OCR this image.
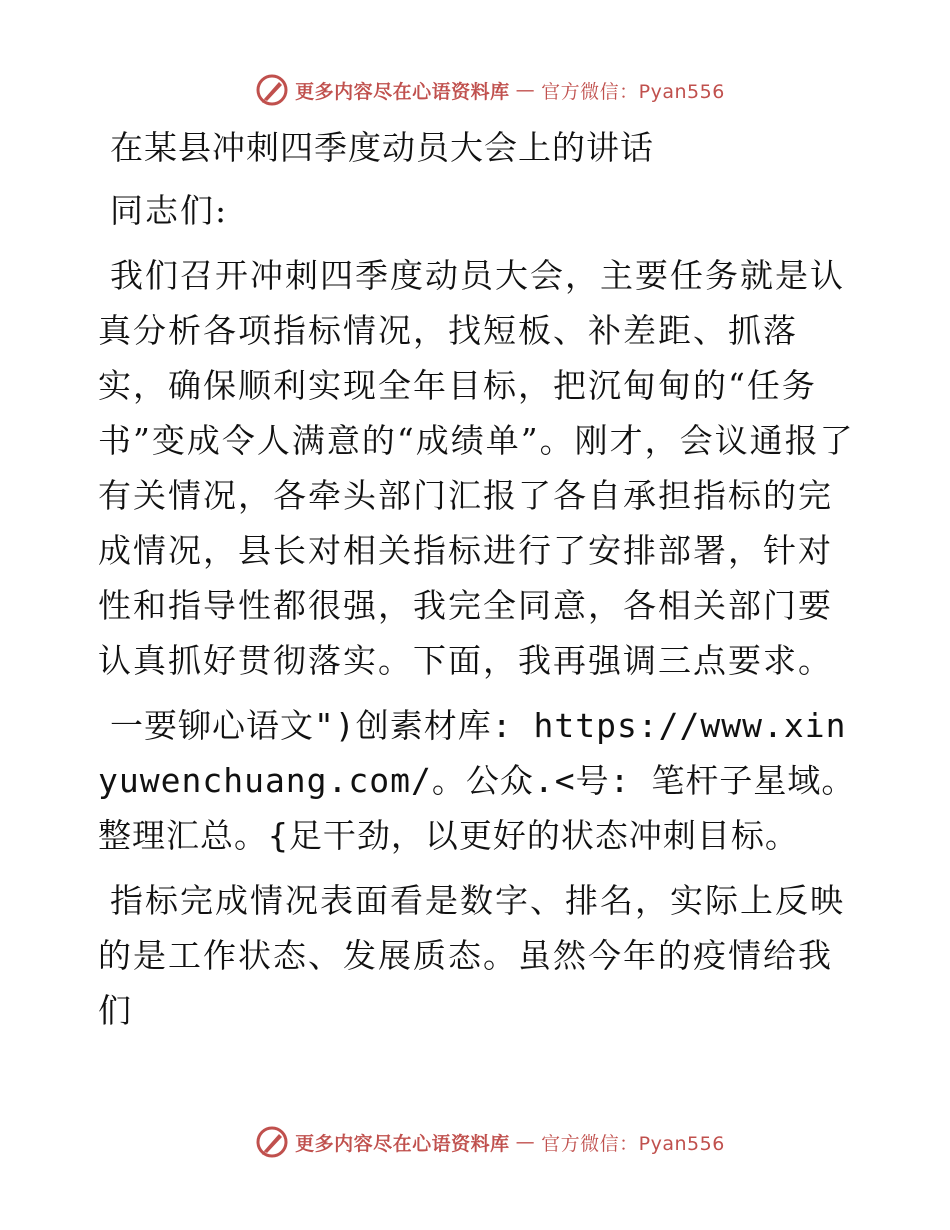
更多内容尽在心语资料库 — 官方微信：Pyan556
在某县冲刺四季度动员大会上的讲话

同志们:

我们召开冲刺四季度动员大会，主要任务就是认真分析各项指标情况，找短板、补差距、抓落实，确保顺利实现全年目标，把沉甸甸的“任务书”变成令人满意的“成绩单”。刚才，会议通报了有关情况，各牵头部门汇报了各自承担指标的完成情况，县长对相关指标进行了安排部署，针对性和指导性都很强，我完全同意，各相关部门要认真抓好贯彻落实。下面，我再强调三点要求。

一要铆心语文")创素材库: https://www.xinyuwenchuang.com/。公众.<号: 笔杆子星域。整理汇总。{足干劲，以更好的状态冲刺目标。

指标完成情况表面看是数字、排名，实际上反映的是工作状态、发展质态。虽然今年的疫情给我们

更多内容尽在心语资料库 — 官方微信：Pyan556
